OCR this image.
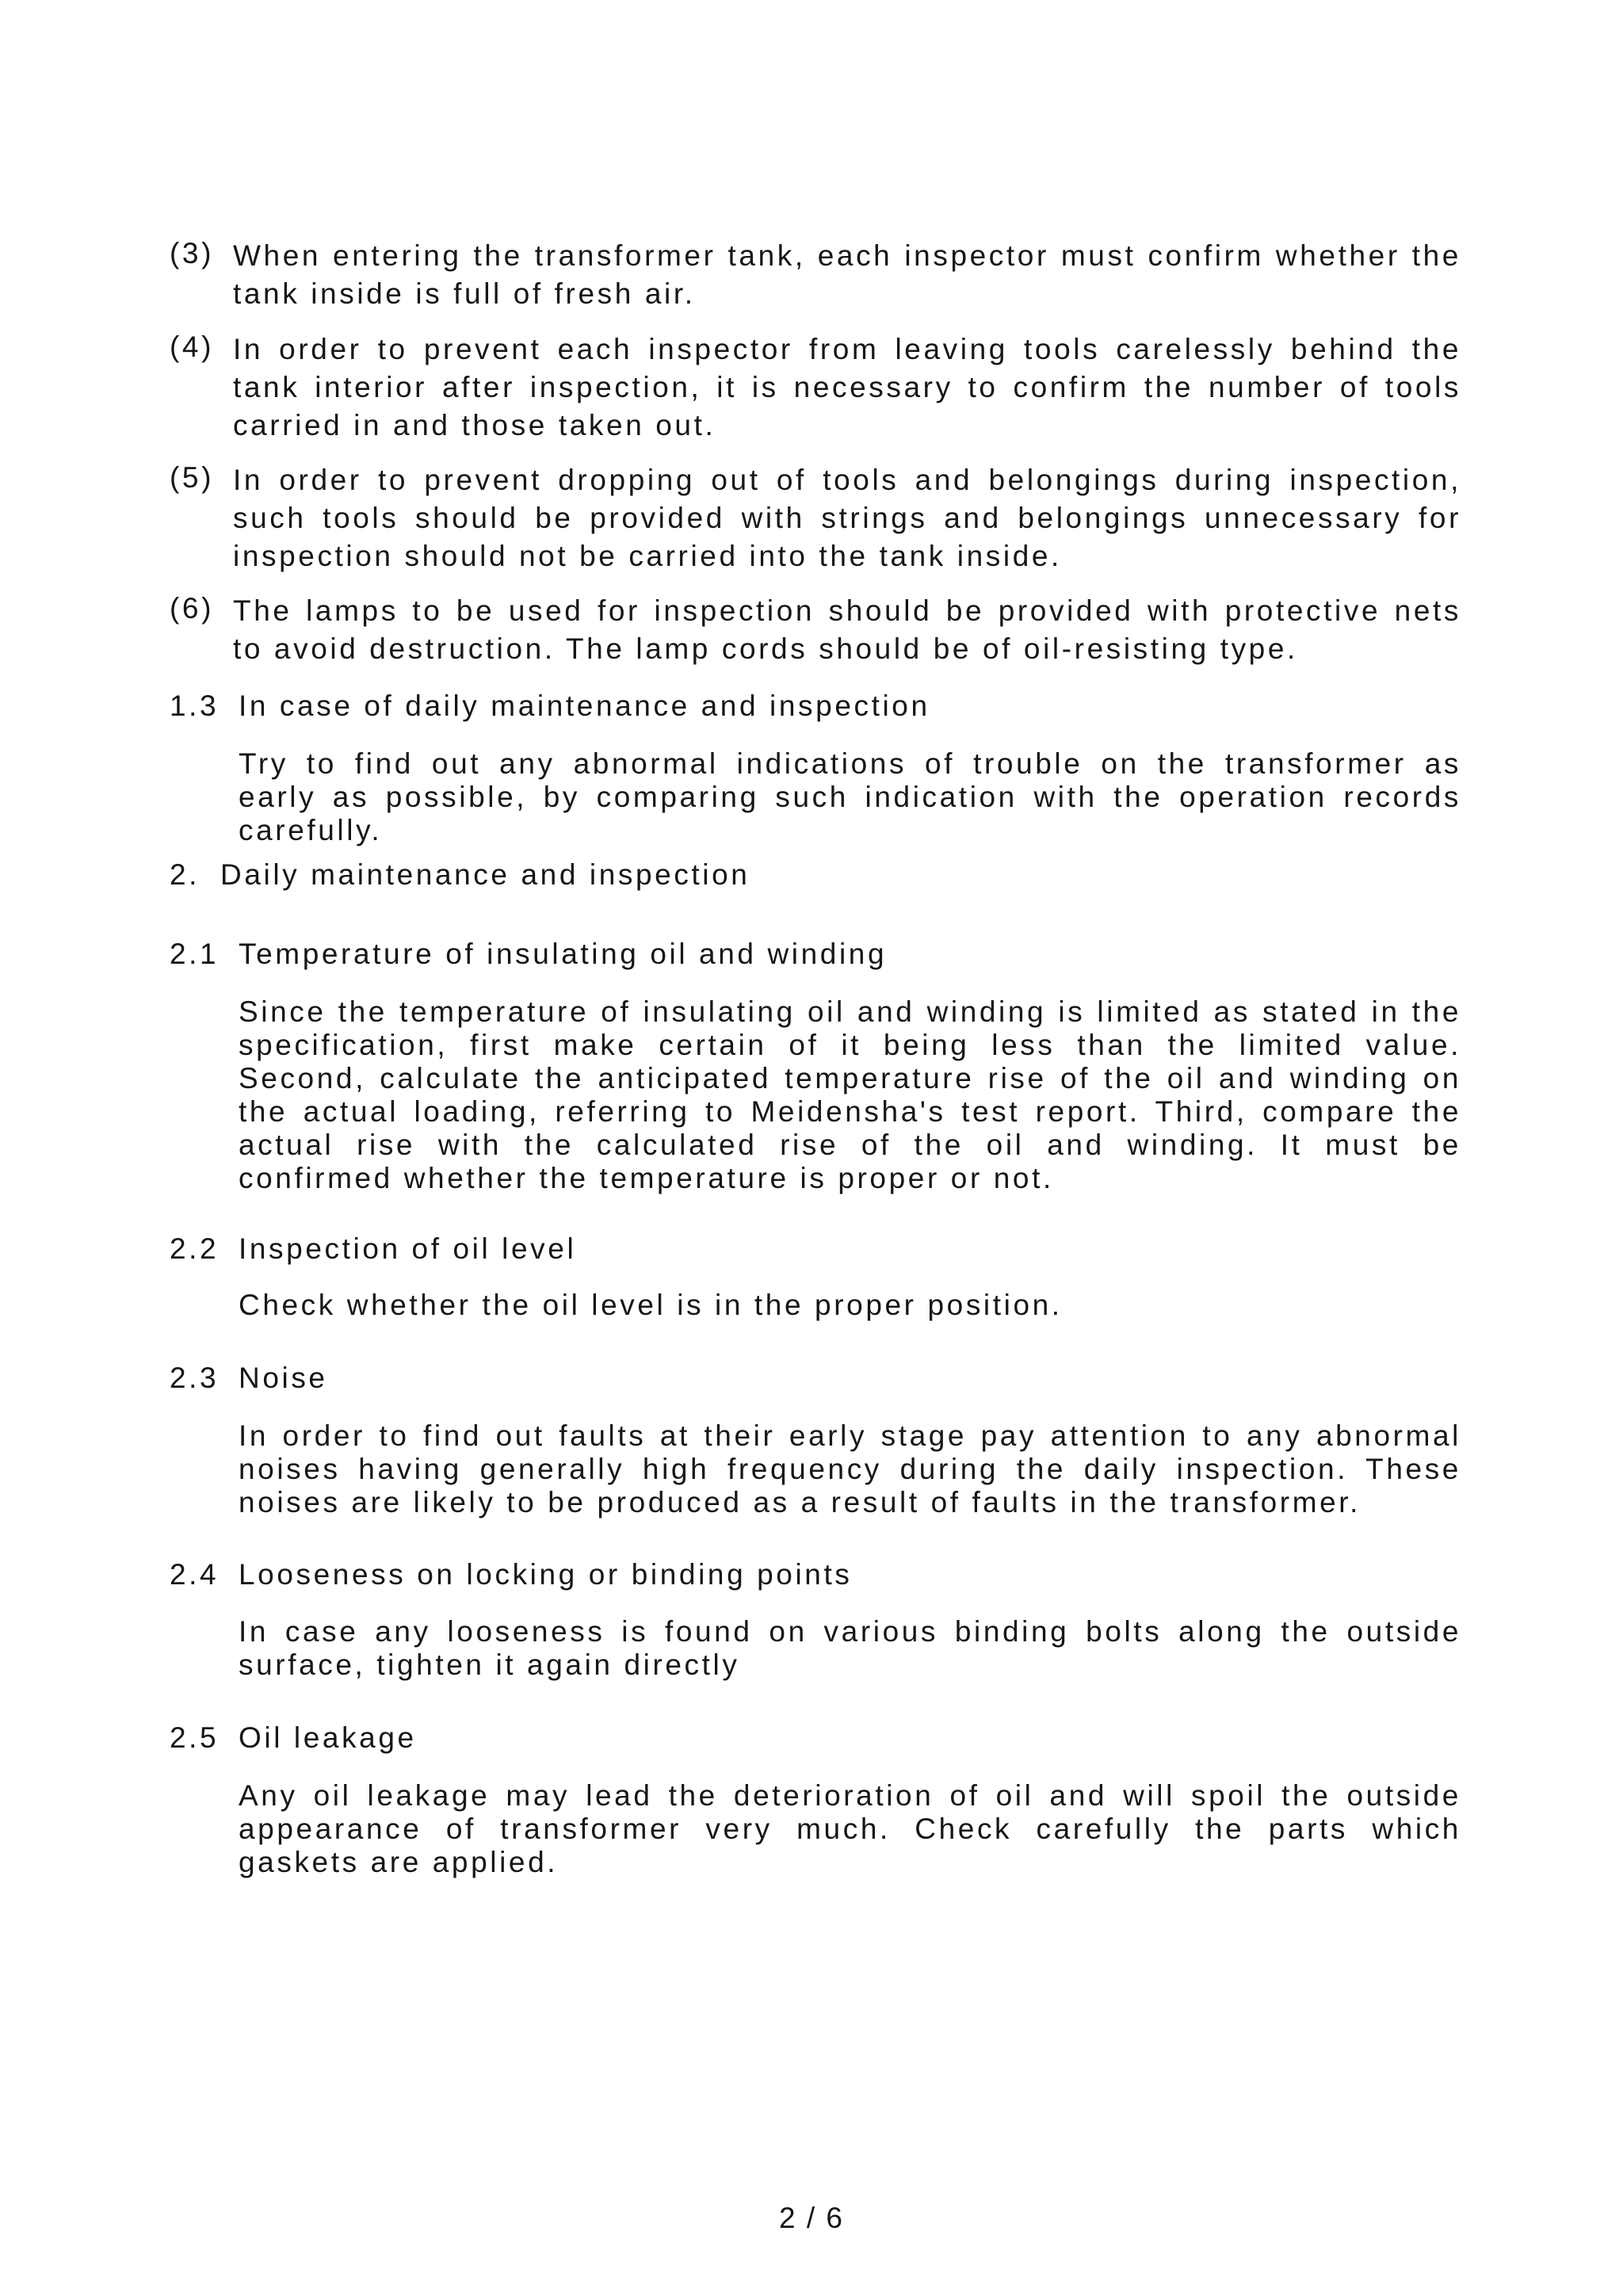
(3) When entering the transformer tank, each inspector must confirm whether the tank inside is full of fresh air.

(4) In order to prevent each inspector from leaving tools carelessly behind the tank interior after inspection, it is necessary to confirm the number of tools carried in and those taken out.

(5) In order to prevent dropping out of tools and belongings during inspection, such tools should be provided with strings and belongings unnecessary for inspection should not be carried into the tank inside.

(6) The lamps to be used for inspection should be provided with protective nets to avoid destruction. The lamp cords should be of oil-resisting type.

1.3 In case of daily maintenance and inspection

Try to find out any abnormal indications of trouble on the transformer as early as possible, by comparing such indication with the operation records carefully.

2. Daily maintenance and inspection

2.1 Temperature of insulating oil and winding

Since the temperature of insulating oil and winding is limited as stated in the specification, first make certain of it being less than the limited value. Second, calculate the anticipated temperature rise of the oil and winding on the actual loading, referring to Meidensha's test report. Third, compare the actual rise with the calculated rise of the oil and winding. It must be confirmed whether the temperature is proper or not.

2.2 Inspection of oil level

Check whether the oil level is in the proper position.

2.3 Noise

In order to find out faults at their early stage pay attention to any abnormal noises having generally high frequency during the daily inspection. These noises are likely to be produced as a result of faults in the transformer.

2.4 Looseness on locking or binding points

In case any looseness is found on various binding bolts along the outside surface, tighten it again directly

2.5 Oil leakage

Any oil leakage may lead the deterioration of oil and will spoil the outside appearance of transformer very much. Check carefully the parts which gaskets are applied.

2 / 6
